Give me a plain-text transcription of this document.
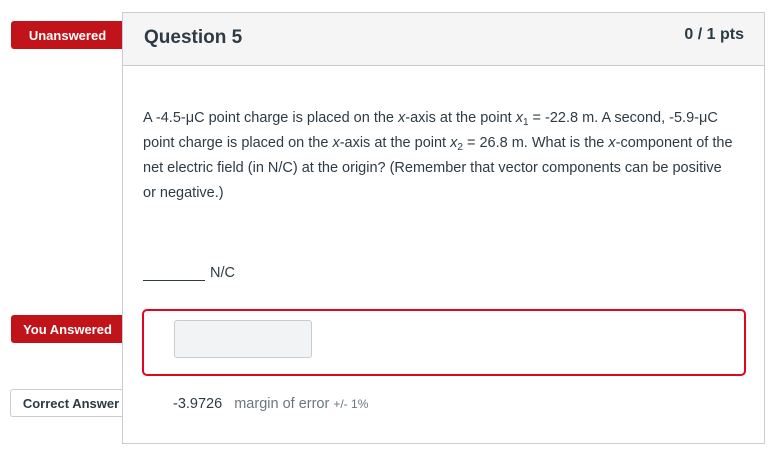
Unanswered
You Answered
Correct Answer
Question 5	0 / 1 pts
A -4.5-μC point charge is placed on the x-axis at the point $x_1 = -22.8$ m. A second, -5.9-μC point charge is placed on the x-axis at the point $x_2 = 26.8$ m. What is the x-component of the net electric field (in N/C) at the origin? (Remember that vector components can be positive or negative.)
N/C
-3.9726 margin of error +/- 1%
